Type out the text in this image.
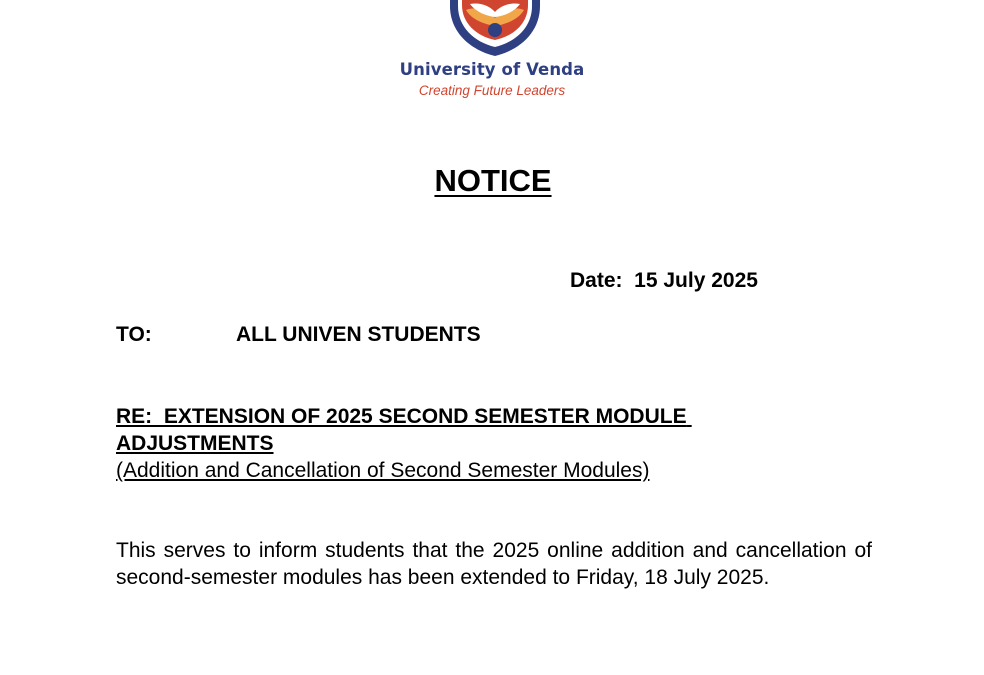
University of Venda
Creating Future Leaders
NOTICE
Date:  15 July 2025
TO:	ALL UNIVEN STUDENTS
RE:  EXTENSION OF 2025 SECOND SEMESTER MODULE ADJUSTMENTS
(Addition and Cancellation of Second Semester Modules)
This serves to inform students that the 2025 online addition and cancellation of second-semester modules has been extended to Friday, 18 July 2025.
